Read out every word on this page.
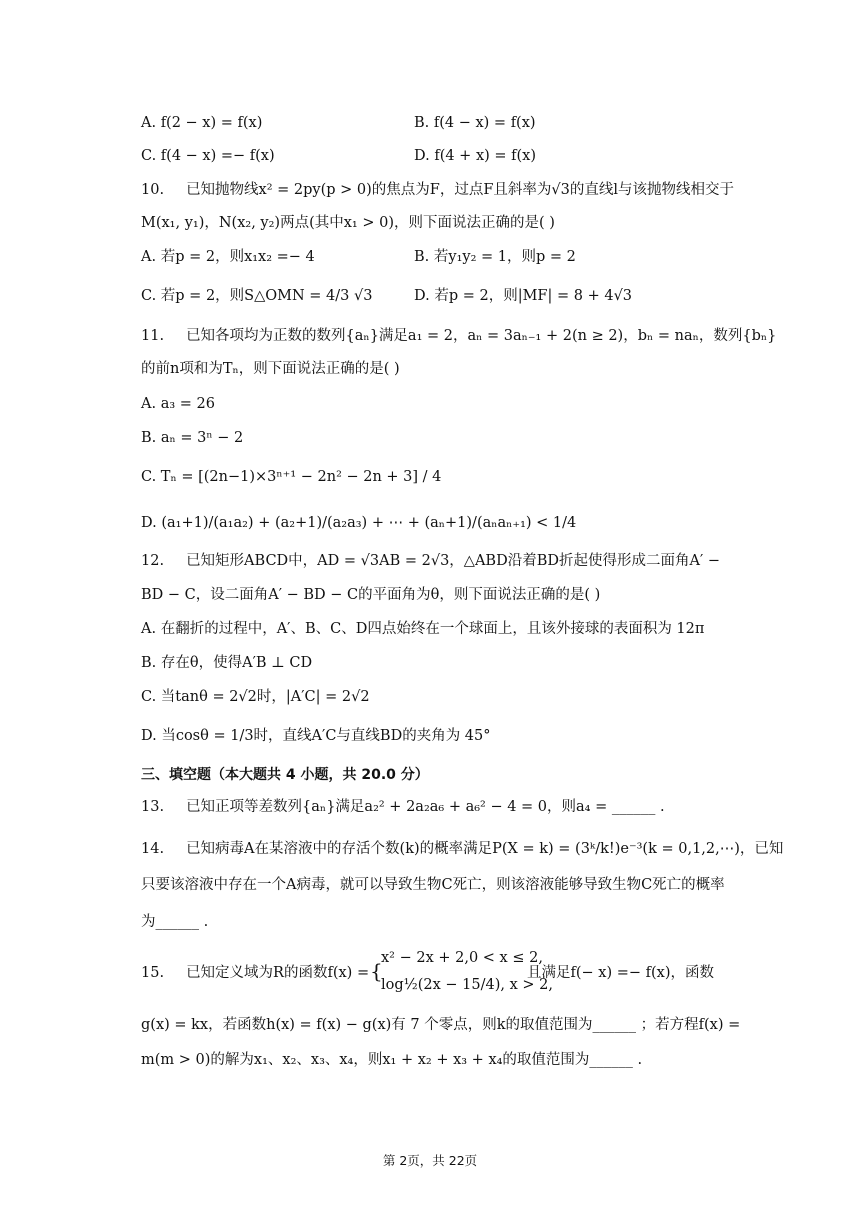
A. f(2 − x) = f(x)	B. f(4 − x) = f(x)
C. f(4 − x) =− f(x)	D. f(4 + x) = f(x)
10. 已知抛物线x² = 2py(p > 0)的焦点为F，过点F且斜率为√3的直线l与该抛物线相交于
M(x₁, y₁)，N(x₂, y₂)两点(其中x₁ > 0)，则下面说法正确的是( )
A. 若p = 2，则x₁x₂ =− 4	B. 若y₁y₂ = 1，则p = 2
C. 若p = 2，则S△OMN = 4/3 √3	D. 若p = 2，则|MF| = 8 + 4√3
11. 已知各项均为正数的数列{aₙ}满足a₁ = 2，aₙ = 3aₙ₋₁ + 2(n ≥ 2)，bₙ = naₙ，数列{bₙ}
的前n项和为Tₙ，则下面说法正确的是( )
A. a₃ = 26
B. aₙ = 3ⁿ − 2
C. Tₙ = [(2n−1)×3ⁿ⁺¹ − 2n² − 2n + 3] / 4
D. (a₁+1)/(a₁a₂) + (a₂+1)/(a₂a₃) + ⋯ + (aₙ+1)/(aₙaₙ₊₁) < 1/4
12. 已知矩形ABCD中，AD = √3AB = 2√3，△ABD沿着BD折起使得形成二面角A′ −
BD − C，设二面角A′ − BD − C的平面角为θ，则下面说法正确的是( )
A. 在翻折的过程中，A′、B、C、D四点始终在一个球面上，且该外接球的表面积为 12π
B. 存在θ，使得A′B ⊥ CD
C. 当tanθ = 2√2时，|A′C| = 2√2
D. 当cosθ = 1/3时，直线A′C与直线BD的夹角为 45°
三、填空题（本大题共 4 小题，共 20.0 分）
13. 已知正项等差数列{aₙ}满足a₂² + 2a₂a₆ + a₆² − 4 = 0，则a₄ = ______ .
14. 已知病毒A在某溶液中的存活个数(k)的概率满足P(X = k) = (3ᵏ/k!)e⁻³(k = 0,1,2,⋯)，已知
只要该溶液中存在一个A病毒，就可以导致生物C死亡，则该溶液能够导致生物C死亡的概率
为______ .
15. 已知定义域为R的函数f(x) = {
x² − 2x + 2,0 < x ≤ 2,
log½(2x − 15/4), x > 2,
且满足f(− x) =− f(x)，函数
g(x) = kx，若函数h(x) = f(x) − g(x)有 7 个零点，则k的取值范围为______ ；若方程f(x) =
m(m > 0)的解为x₁、x₂、x₃、x₄，则x₁ + x₂ + x₃ + x₄的取值范围为______ .
第 2页，共 22页
